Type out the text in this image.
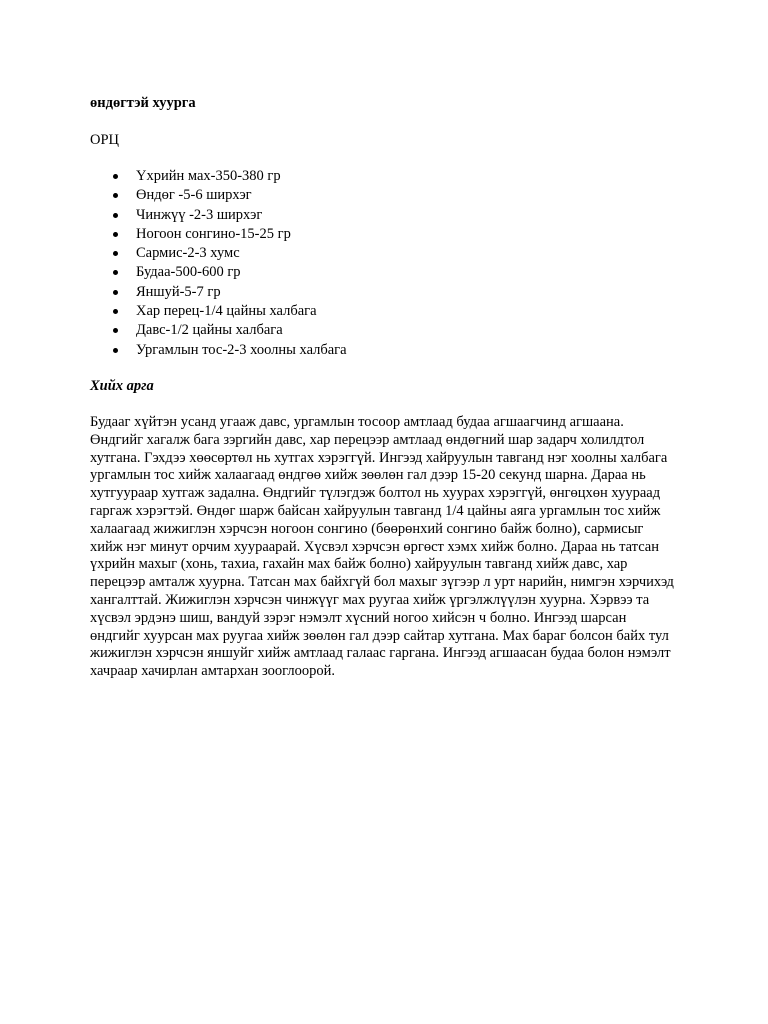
өндөгтэй хуурга

ОРЦ

Үхрийн мах-350-380 гр
Өндөг -5-6 ширхэг
Чинжүү -2-3 ширхэг
Ногоон сонгино-15-25 гр
Сармис-2-3 хумс
Будаа-500-600 гр
Яншуй-5-7 гр
Хар перец-1/4 цайны халбага
Давс-1/2 цайны халбага
Ургамлын тос-2-3 хоолны халбага

Хийх арга

Будааг хүйтэн усанд угааж давс, ургамлын тосоор амтлаад будаа агшаагчинд агшаана. Өндгийг хагалж бага зэргийн давс, хар перецээр амтлаад өндөгний шар задарч холилдтол хутгана. Гэхдээ хөөсөртөл нь хутгах хэрэггүй. Ингээд хайруулын тавганд нэг хоолны халбага ургамлын тос хийж халаагаад өндгөө хийж зөөлөн гал дээр 15-20 секунд шарна. Дараа нь хутгуураар хутгаж задална. Өндгийг түлэгдэж болтол нь хуурах хэрэггүй, өнгөцхөн хуураад гаргаж хэрэгтэй. Өндөг шарж байсан хайруулын тавганд 1/4 цайны аяга ургамлын тос хийж халаагаад жижиглэн хэрчсэн ногоон сонгино (бөөрөнхий сонгино байж болно), сармисыг хийж нэг минут орчим хуураарай. Хүсвэл хэрчсэн өргөст хэмх хийж болно. Дараа нь татсан үхрийн махыг (хонь, тахиа, гахайн мах байж болно) хайруулын тавганд хийж давс, хар перецээр амталж хуурна. Татсан мах байхгүй бол махыг зүгээр л урт нарийн, нимгэн хэрчихэд хангалттай. Жижиглэн хэрчсэн чинжүүг мах руугаа хийж үргэлжлүүлэн хуурна. Хэрвээ та хүсвэл эрдэнэ шиш, вандуй зэрэг нэмэлт хүсний ногоо хийсэн ч болно. Ингээд шарсан өндгийг хуурсан мах руугаа хийж зөөлөн гал дээр сайтар хутгана. Мах бараг болсон байх тул жижиглэн хэрчсэн яншуйг хийж амтлаад галаас гаргана. Ингээд агшаасан будаа болон нэмэлт хачраар хачирлан амтархан зооглоорой.
